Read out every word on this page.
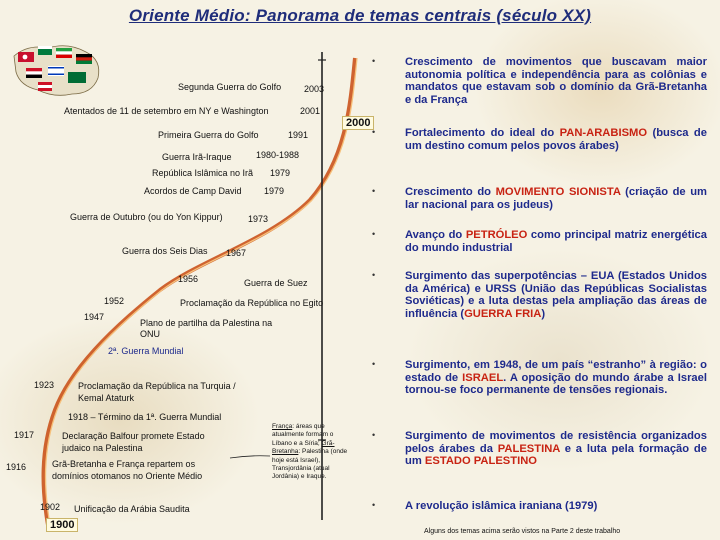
Oriente Médio: Panorama de temas centrais (século XX)
Segunda Guerra do Golfo	2003
Atentados de 11 de setembro em NY e Washington	2001
2000
Primeira Guerra do Golfo	1991
Guerra Irã-Iraque	1980-1988
República Islâmica no Irã 1979
Acordos de Camp David 1979
Guerra de Outubro (ou do Yon Kippur)	1973
Guerra dos Seis Dias 1967
1956	Guerra de Suez
1952	Proclamação da República no Egito
1947
Plano de partilha da Palestina na ONU
2ª. Guerra Mundial
1923	Proclamação da República na Turquia / Kemal Ataturk
1918 – Término da 1ª. Guerra Mundial
1917	Declaração Balfour promete Estado judaico na Palestina
1916	Grã-Bretanha e França repartem os domínios otomanos no Oriente Médio
1902 Unificação da Arábia Saudita
1900
França: áreas que atualmente formam o Líbano e a Síria; Grã-Bretanha: Palestina (onde hoje está Israel), Transjordânia (atual Jordânia) e Iraque.
•	Crescimento de movimentos que buscavam maior autonomia política e independência para as colônias e mandatos que estavam sob o domínio da Grã-Bretanha e da França
•	Fortalecimento do ideal do PAN-ARABISMO (busca de um destino comum pelos povos árabes)
•	Crescimento do MOVIMENTO SIONISTA (criação de um lar nacional para os judeus)
•	Avanço do PETRÓLEO como principal matriz energética do mundo industrial
•	Surgimento das superpotências – EUA (Estados Unidos da América) e URSS (União das Repúblicas Socialistas Soviéticas) e a luta destas pela ampliação das áreas de influência (GUERRA FRIA)
•	Surgimento, em 1948, de um país “estranho” à região: o estado de ISRAEL. A oposição do mundo árabe a Israel tornou-se foco permanente de tensões regionais.
•	Surgimento de movimentos de resistência organizados pelos árabes da PALESTINA e a luta pela formação de um ESTADO PALESTINO
•	A revolução islâmica iraniana (1979)
Alguns dos temas acima serão vistos na Parte 2 deste trabalho
